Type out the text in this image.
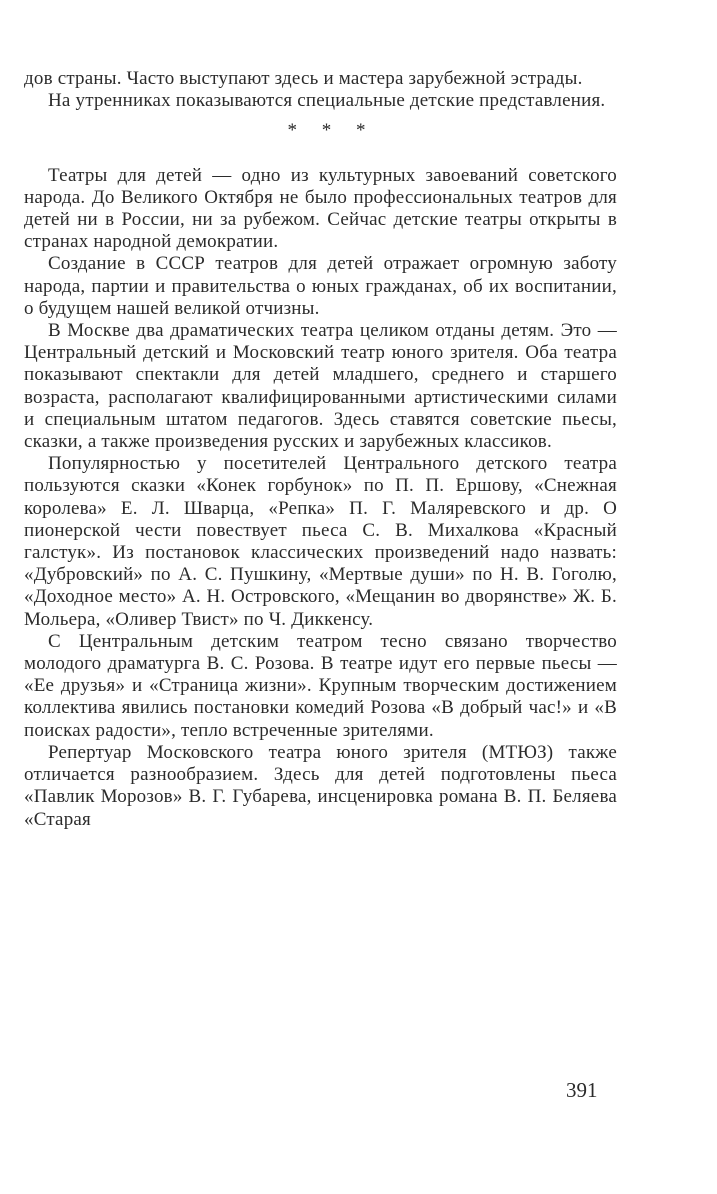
дов страны. Часто выступают здесь и мастера зарубежной эстрады.

На утренниках показываются специальные детские представления.

* * *

Театры для детей — одно из культурных завоеваний советского народа. До Великого Октября не было профессиональных театров для детей ни в России, ни за рубежом. Сейчас детские театры открыты в странах народной демократии.

Создание в СССР театров для детей отражает огромную заботу народа, партии и правительства о юных гражданах, об их воспитании, о будущем нашей великой отчизны.

В Москве два драматических театра целиком отданы детям. Это — Центральный детский и Московский театр юного зрителя. Оба театра показывают спектакли для детей младшего, среднего и старшего возраста, располагают квалифицированными артистическими силами и специальным штатом педагогов. Здесь ставятся советские пьесы, сказки, а также произведения русских и зарубежных классиков.

Популярностью у посетителей Центрального детского театра пользуются сказки «Конек горбунок» по П. П. Ершову, «Снежная королева» Е. Л. Шварца, «Репка» П. Г. Маляревского и др. О пионерской чести повествует пьеса С. В. Михалкова «Красный галстук». Из постановок классических произведений надо назвать: «Дубровский» по А. С. Пушкину, «Мертвые души» по Н. В. Гоголю, «Доходное место» А. Н. Островского, «Мещанин во дворянстве» Ж. Б. Мольера, «Оливер Твист» по Ч. Диккенсу.

С Центральным детским театром тесно связано творчество молодого драматурга В. С. Розова. В театре идут его первые пьесы — «Ее друзья» и «Страница жизни». Крупным творческим достижением коллектива явились постановки комедий Розова «В добрый час!» и «В поисках радости», тепло встреченные зрителями.

Репертуар Московского театра юного зрителя (МТЮЗ) также отличается разнообразием. Здесь для детей подготовлены пьеса «Павлик Морозов» В. Г. Губарева, инсценировка романа В. П. Беляева «Старая

391
